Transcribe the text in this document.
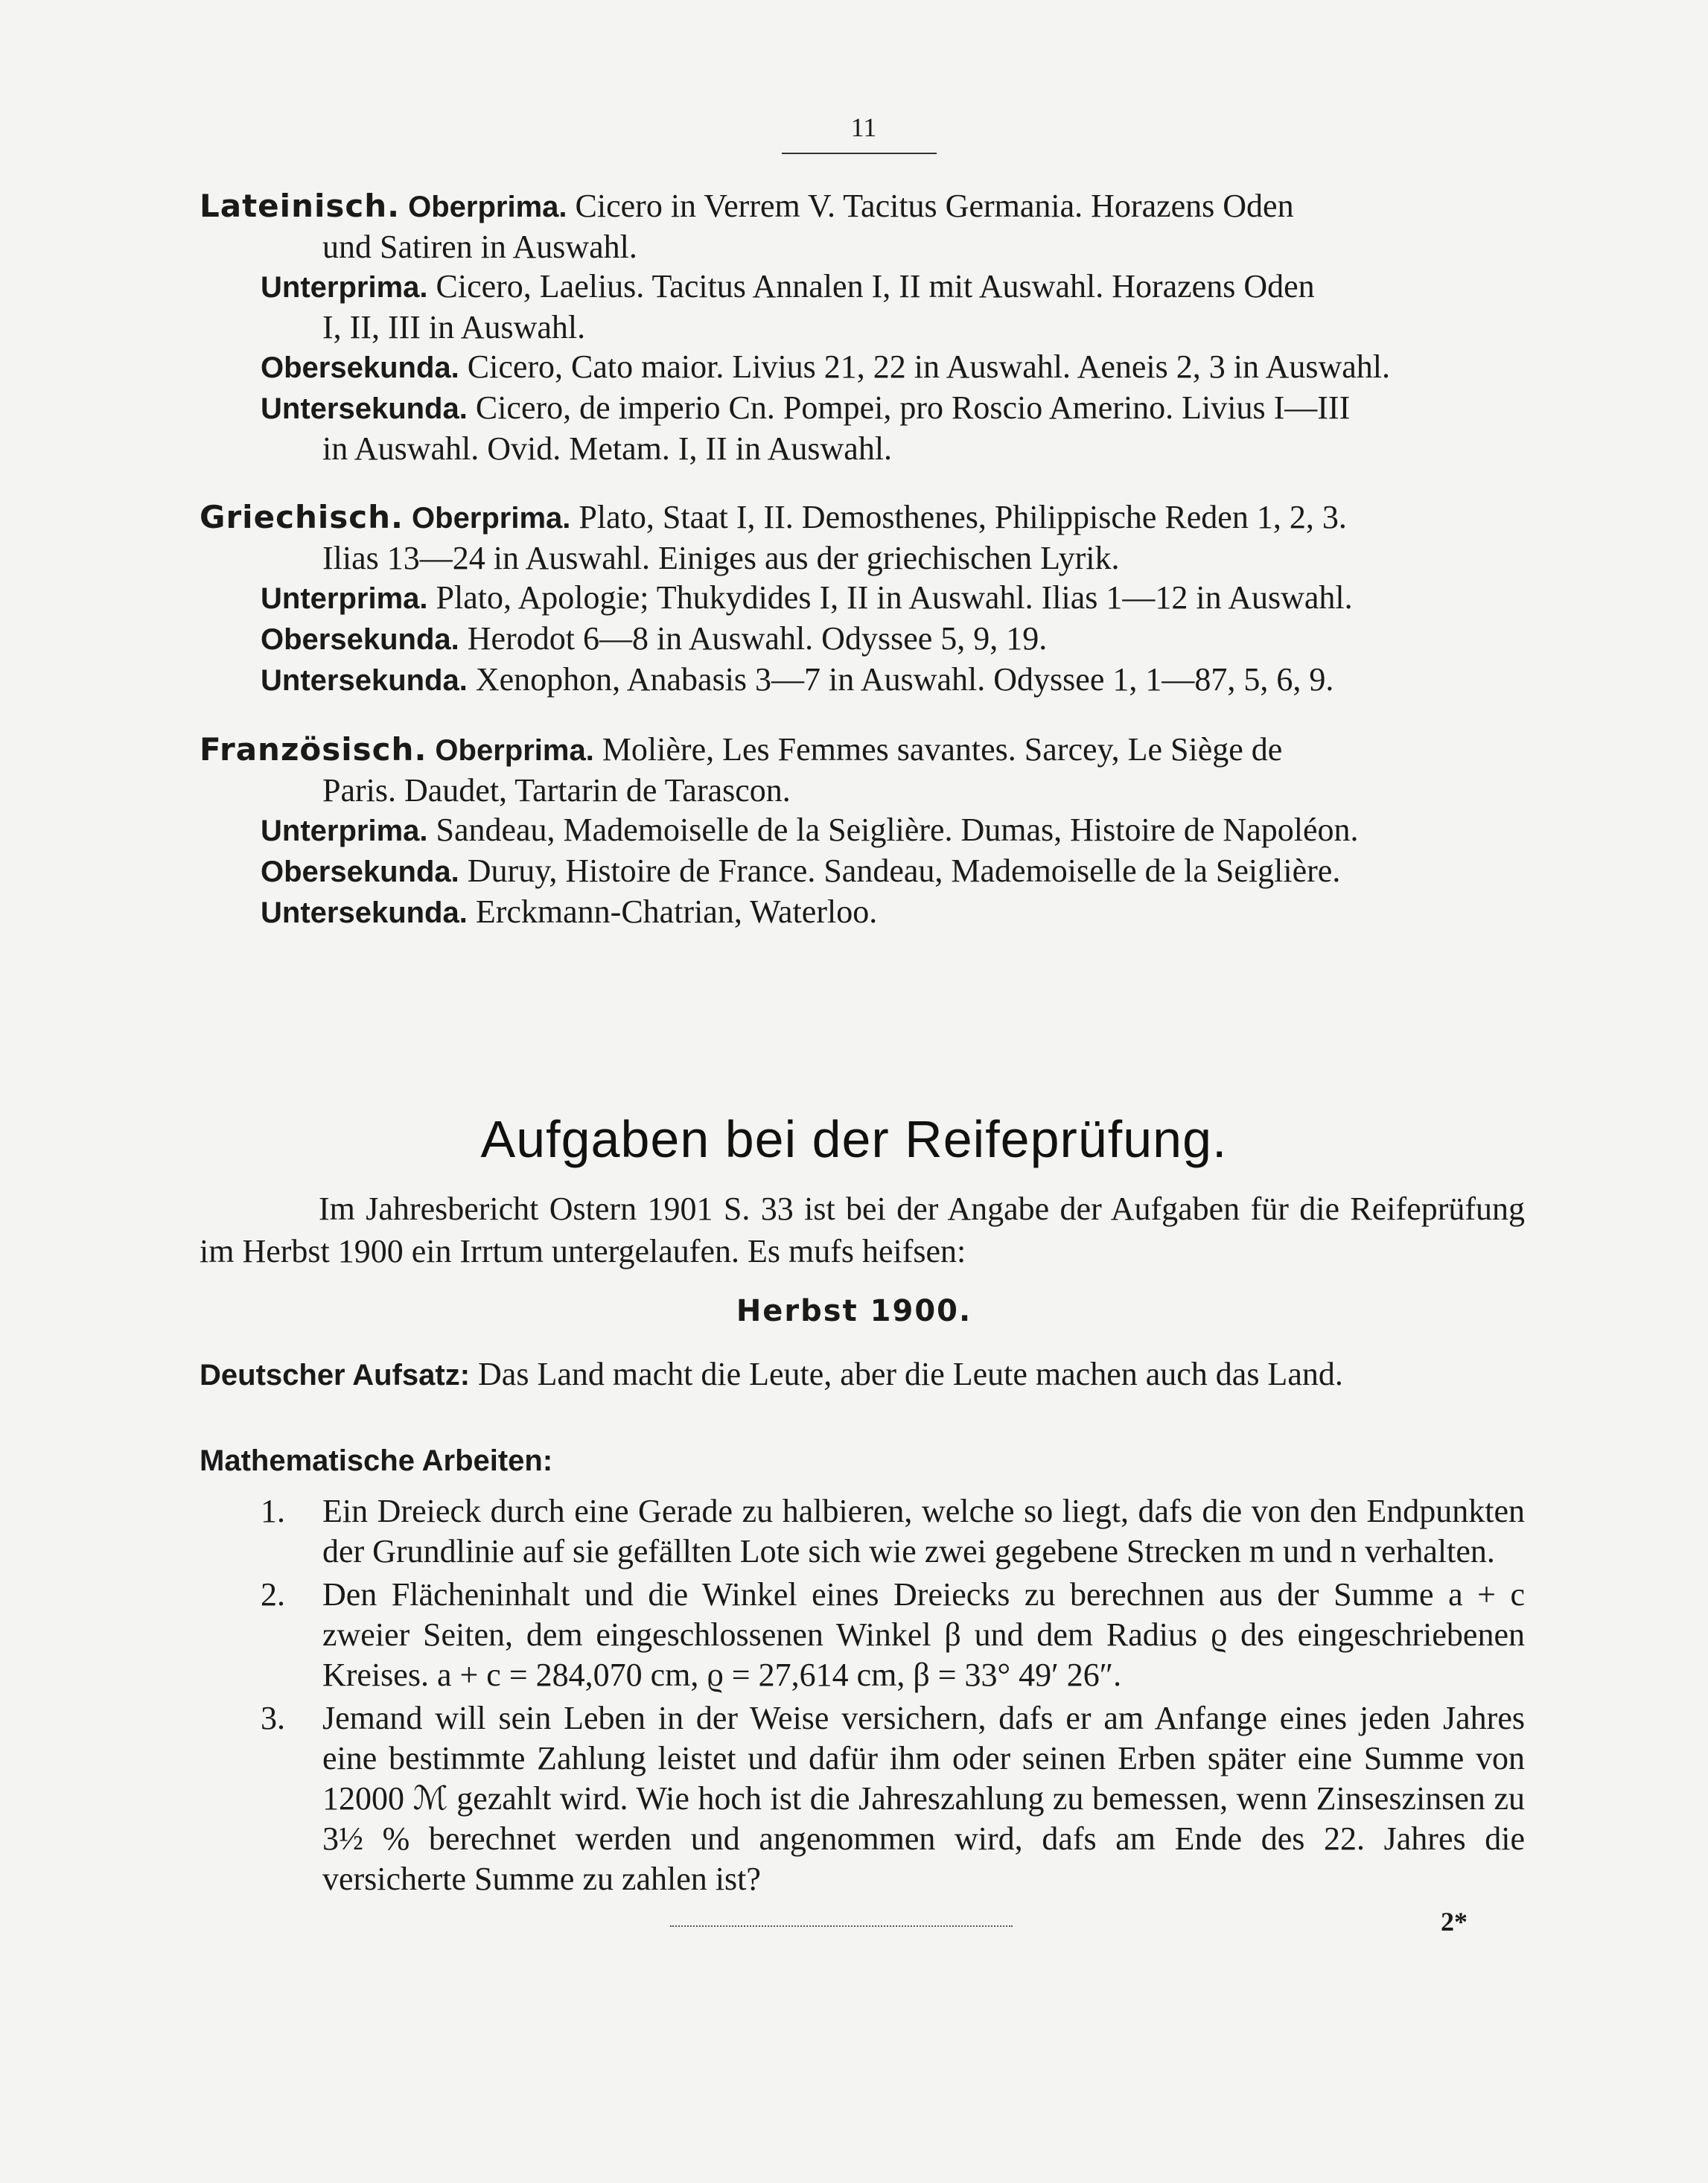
11
Lateinisch. Oberprima. Cicero in Verrem V. Tacitus Germania. Horazens Oden
und Satiren in Auswahl.
Unterprima. Cicero, Laelius. Tacitus Annalen I, II mit Auswahl. Horazens Oden
I, II, III in Auswahl.
Obersekunda. Cicero, Cato maior. Livius 21, 22 in Auswahl. Aeneis 2, 3 in Auswahl.
Untersekunda. Cicero, de imperio Cn. Pompei, pro Roscio Amerino. Livius I—III
in Auswahl. Ovid. Metam. I, II in Auswahl.
Griechisch. Oberprima. Plato, Staat I, II. Demosthenes, Philippische Reden 1, 2, 3.
Ilias 13—24 in Auswahl. Einiges aus der griechischen Lyrik.
Unterprima. Plato, Apologie; Thukydides I, II in Auswahl. Ilias 1—12 in Auswahl.
Obersekunda. Herodot 6—8 in Auswahl. Odyssee 5, 9, 19.
Untersekunda. Xenophon, Anabasis 3—7 in Auswahl. Odyssee 1, 1—87, 5, 6, 9.
Französisch. Oberprima. Molière, Les Femmes savantes. Sarcey, Le Siège de
Paris. Daudet, Tartarin de Tarascon.
Unterprima. Sandeau, Mademoiselle de la Seiglière. Dumas, Histoire de Napoléon.
Obersekunda. Duruy, Histoire de France. Sandeau, Mademoiselle de la Seiglière.
Untersekunda. Erckmann-Chatrian, Waterloo.
Aufgaben bei der Reifeprüfung.
Im Jahresbericht Ostern 1901 S. 33 ist bei der Angabe der Aufgaben für die Reifeprüfung im Herbst 1900 ein Irrtum untergelaufen. Es mufs heifsen:
Herbst 1900.
Deutscher Aufsatz: Das Land macht die Leute, aber die Leute machen auch das Land.
Mathematische Arbeiten:
1. Ein Dreieck durch eine Gerade zu halbieren, welche so liegt, dafs die von den Endpunkten der Grundlinie auf sie gefällten Lote sich wie zwei gegebene Strecken m und n verhalten.
2. Den Flächeninhalt und die Winkel eines Dreiecks zu berechnen aus der Summe a + c zweier Seiten, dem eingeschlossenen Winkel β und dem Radius ϱ des eingeschriebenen Kreises. a + c = 284,070 cm, ϱ = 27,614 cm, β = 33° 49′ 26″.
3. Jemand will sein Leben in der Weise versichern, dafs er am Anfange eines jeden Jahres eine bestimmte Zahlung leistet und dafür ihm oder seinen Erben später eine Summe von 12000 ℳ gezahlt wird. Wie hoch ist die Jahreszahlung zu bemessen, wenn Zinseszinsen zu 3½ % berechnet werden und angenommen wird, dafs am Ende des 22. Jahres die versicherte Summe zu zahlen ist?
2*
